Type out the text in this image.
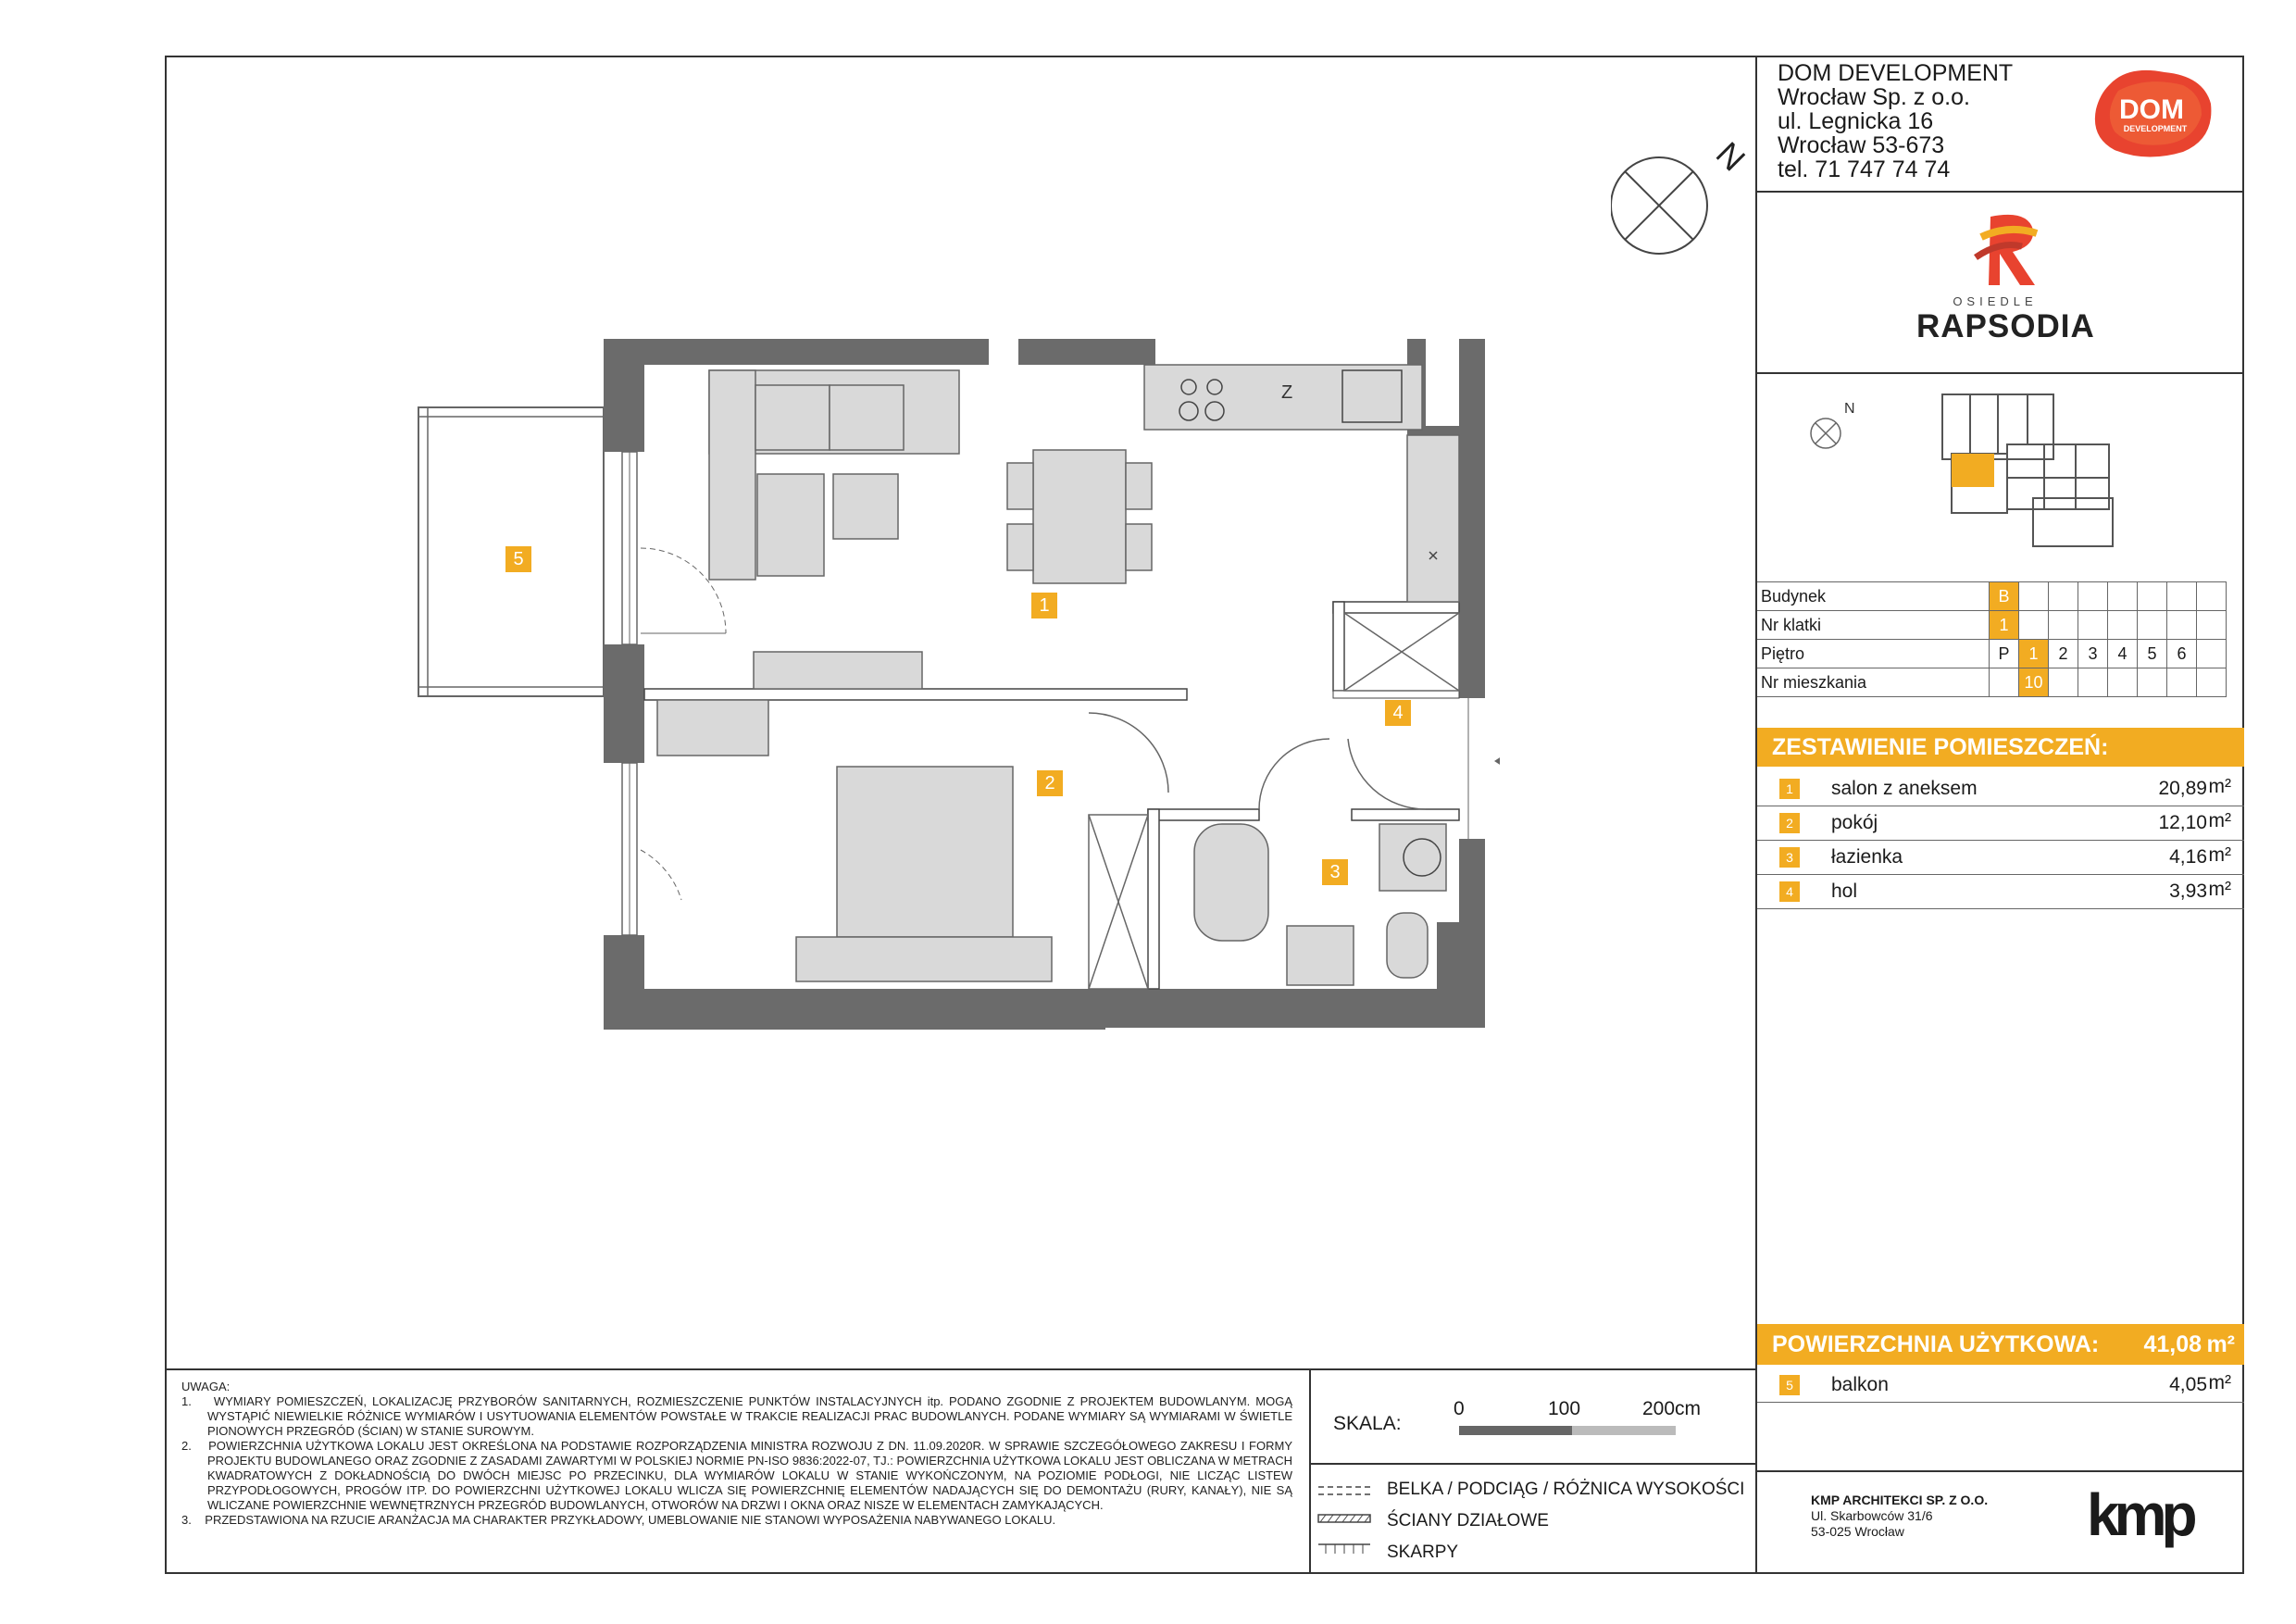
DOM DEVELOPMENT
Wrocław Sp. z o.o.
ul. Legnicka 16
Wrocław 53-673
tel. 71 747 74 74
DOM
DEVELOPMENT
OSIEDLE
RAPSODIA
N
N
Budynek	B							
Nr klatki	1							
Piętro	P	1	2	3	4	5	6	
Nr mieszkania		10						
ZESTAWIENIE POMIESZCZEŃ:
1	salon z aneksem	20,89 m²
2	pokój	12,10 m²
3	łazienka	4,16 m²
4	hol	3,93 m²
POWIERZCHNIA UŻYTKOWA: 41,08 m²
5	balkon	4,05 m²
KMP ARCHITEKCI SP. Z O.O.
Ul. Skarbowców 31/6
53-025 Wrocław	kmp
UWAGA:

1.    WYMIARY POMIESZCZEŃ, LOKALIZACJĘ PRZYBORÓW SANITARNYCH, ROZMIESZCZENIE PUNKTÓW INSTALACYJNYCH itp. PODANO ZGODNIE Z PROJEKTEM BUDOWLANYM. MOGĄ WYSTĄPIĆ NIEWIELKIE RÓŻNICE WYMIARÓW I USYTUOWANIA ELEMENTÓW POWSTAŁE W TRAKCIE REALIZACJI PRAC BUDOWLANYCH. PODANE WYMIARY SĄ WYMIARAMI W ŚWIETLE PIONOWYCH PRZEGRÓD (ŚCIAN) W STANIE SUROWYM.

2.    POWIERZCHNIA UŻYTKOWA LOKALU JEST OKREŚLONA NA PODSTAWIE ROZPORZĄDZENIA MINISTRA ROZWOJU Z DN. 11.09.2020R. W SPRAWIE SZCZEGÓŁOWEGO ZAKRESU I FORMY PROJEKTU BUDOWLANEGO ORAZ ZGODNIE Z ZASADAMI ZAWARTYMI W POLSKIEJ NORMIE PN-ISO 9836:2022-07, TJ.: POWIERZCHNIA UŻYTKOWA LOKALU JEST OBLICZANA W METRACH KWADRATOWYCH Z DOKŁADNOŚCIĄ DO DWÓCH MIEJSC PO PRZECINKU, DLA WYMIARÓW LOKALU W STANIE WYKOŃCZONYM, NA POZIOMIE PODŁOGI, NIE LICZĄC LISTEW PRZYPODŁOGOWYCH, PROGÓW ITP. DO POWIERZCHNI UŻYTKOWEJ LOKALU WLICZA SIĘ POWIERZCHNIĘ ELEMENTÓW NADAJĄCYCH SIĘ DO DEMONTAŻU (RURY, KANAŁY), NIE SĄ WLICZANE POWIERZCHNIE WEWNĘTRZNYCH PRZEGRÓD BUDOWLANYCH, OTWORÓW NA DRZWI I OKNA ORAZ NISZE W ELEMENTACH ZAMYKAJĄCYCH.

3.    PRZEDSTAWIONA NA RZUCIE ARANŻACJA MA CHARAKTER PRZYKŁADOWY, UMEBLOWANIE NIE STANOWI WYPOSAŻENIA NABYWANEGO LOKALU.

SKALA:
0	100	200cm
BELKA / PODCIĄG / RÓŻNICA WYSOKOŚCI
ŚCIANY DZIAŁOWE
SKARPY
Z
1
2
3
4
5
